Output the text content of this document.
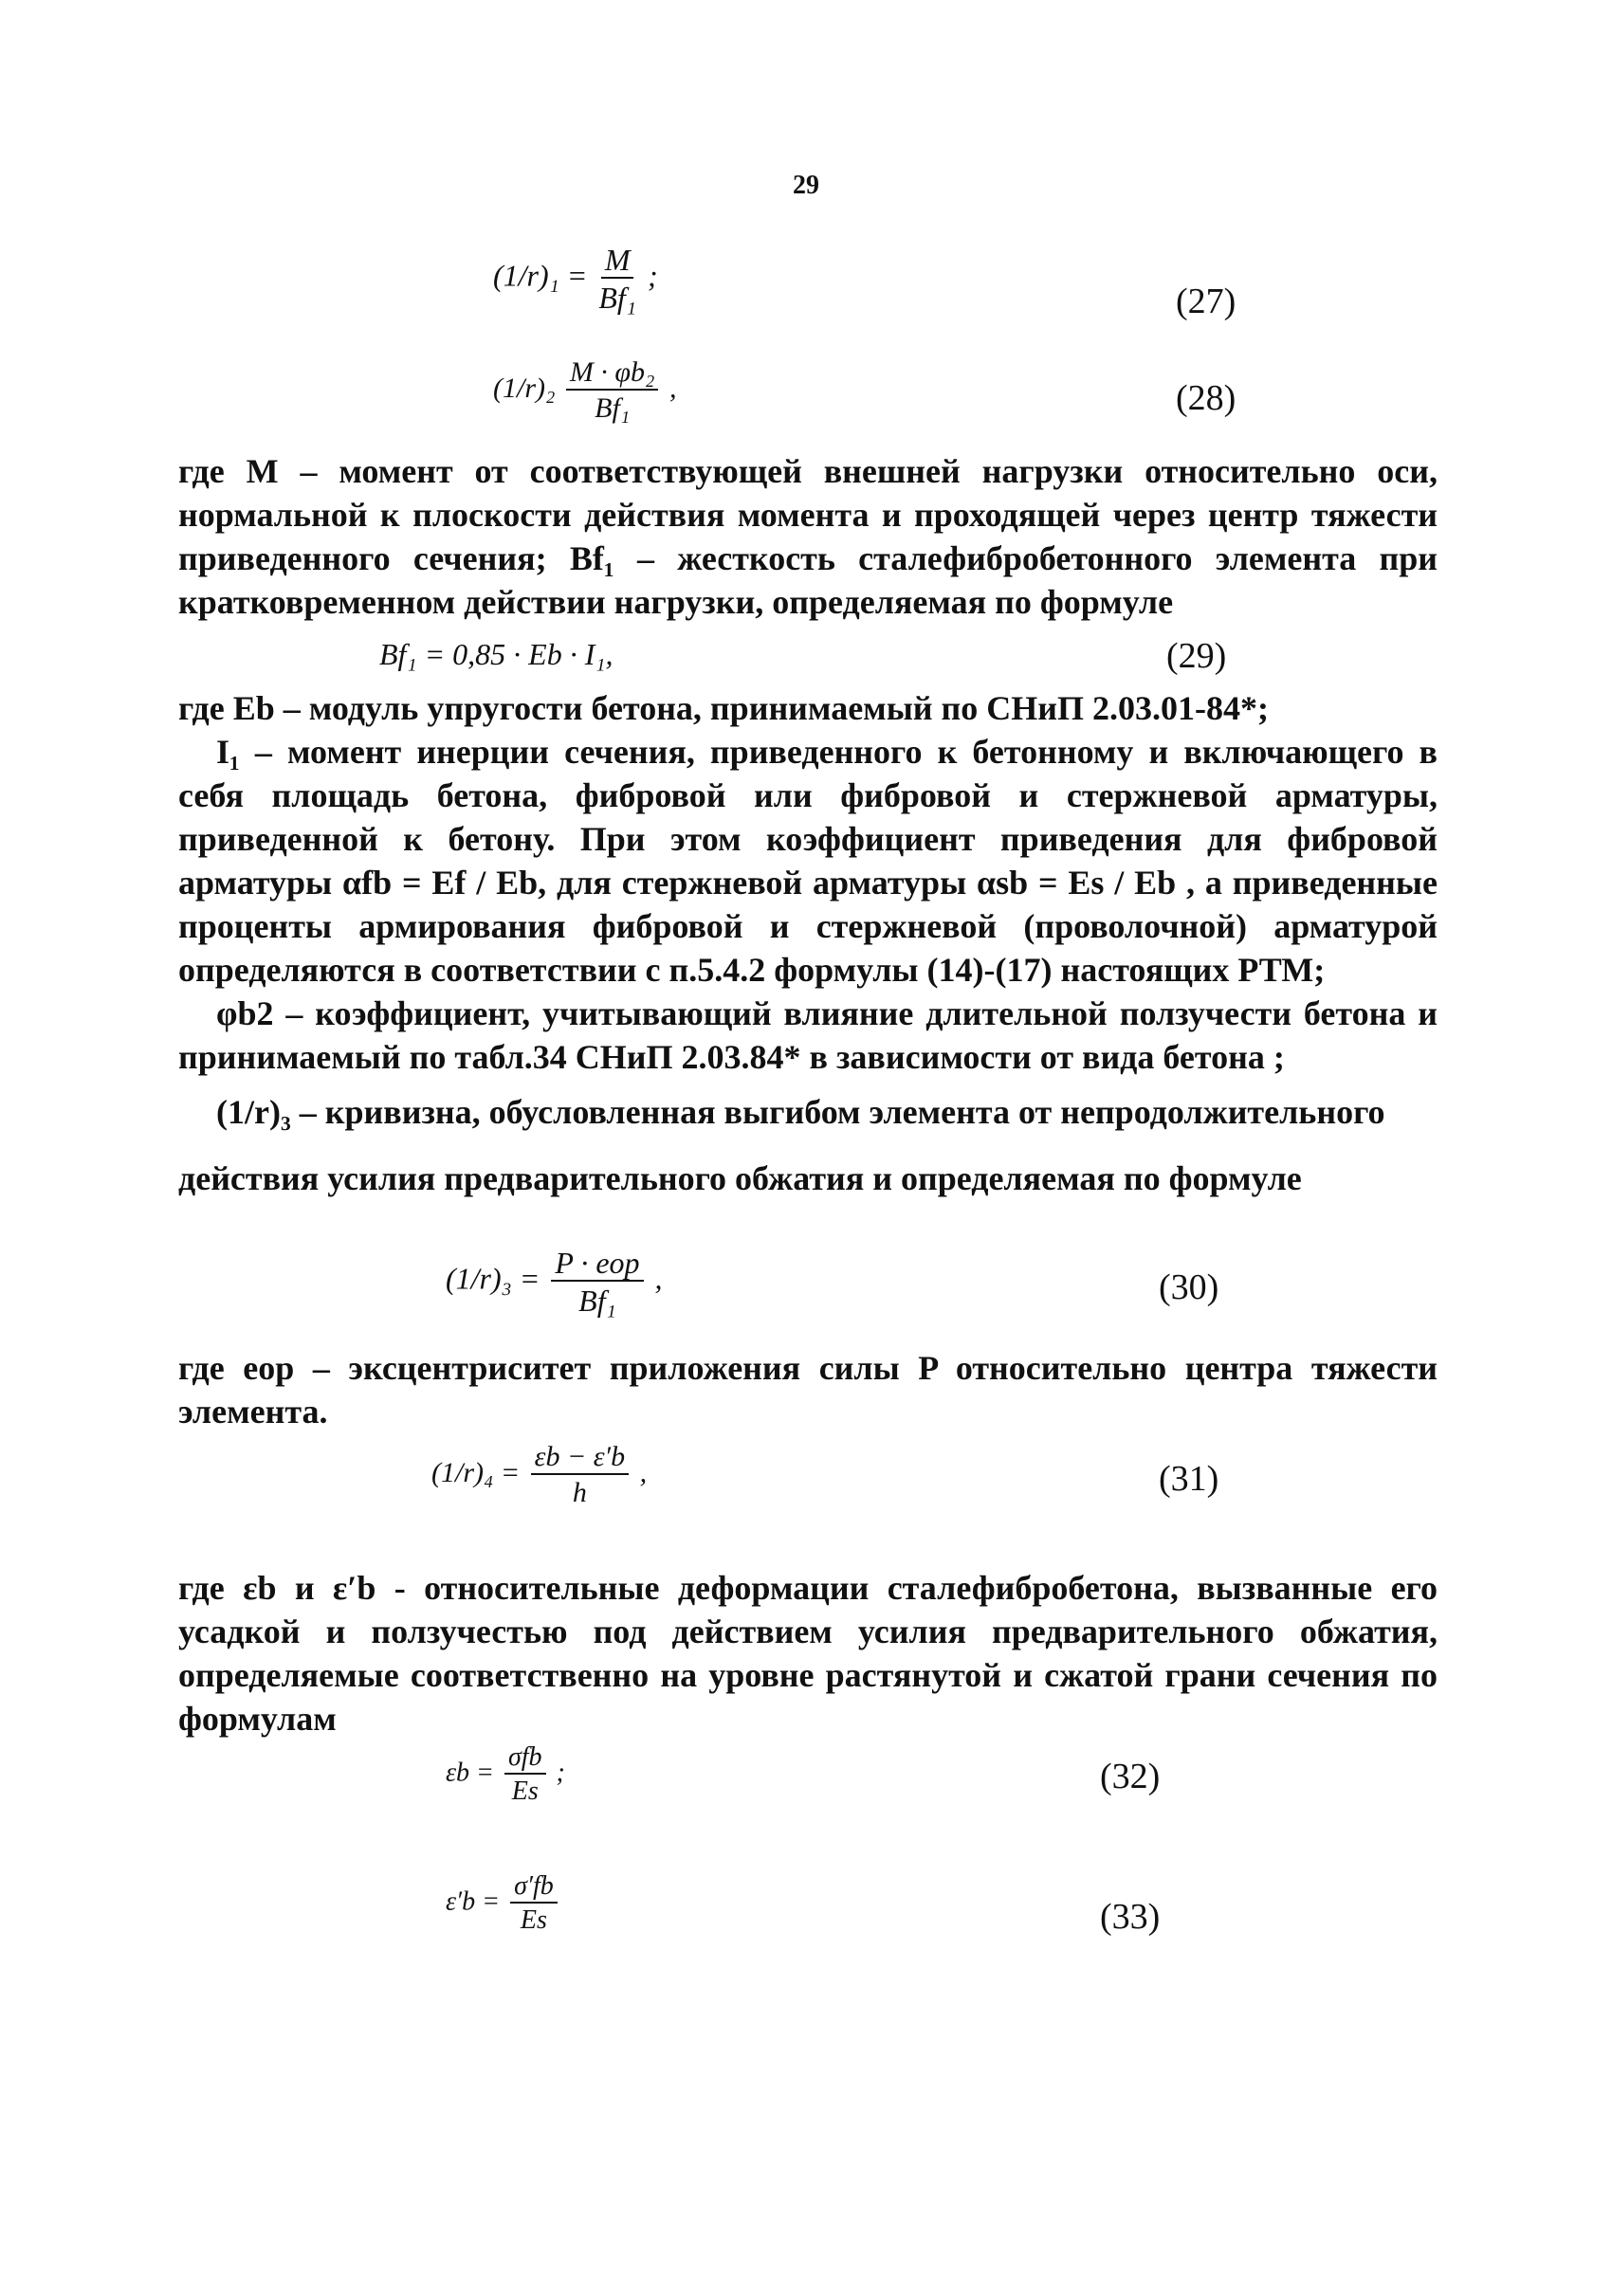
29
$(1/r)_1 = \frac{M}{\text{Bf₁}}$ ;
(27)
$(1/r)_2 \frac{\text{M · φb₂}}{\text{Bf₁}}$ ,	(28)

где M – момент от соответствующей внешней нагрузки относительно оси, нормальной к плоскости действия момента и проходящей через центр тяжести приведенного сечения; Bf₁ – жесткость сталефибробетонного элемента при кратковременном действии нагрузки, определяемая по формуле

Bf₁ = 0,85 · Eb · I₁,	(29)

где Eb – модуль упругости бетона, принимаемый по СНиП 2.03.01-84*;

I₁ – момент инерции сечения, приведенного к бетонному и включающего в себя площадь бетона, фибровой или фибровой и стержневой арматуры, приведенной к бетону. При этом коэффициент приведения для фибровой арматуры αfb = Ef / Eb, для стержневой арматуры αsb = Es / Eb , а приведенные проценты армирования фибровой и стержневой (проволочной) арматурой определяются в соответствии с п.5.4.2 формулы (14)-(17) настоящих РТМ;

φb2 – коэффициент, учитывающий влияние длительной ползучести бетона и принимаемый по табл.34 СНиП 2.03.84* в зависимости от вида бетона ;

(1/r)₃ – кривизна, обусловленная выгибом элемента от непродолжительного

действия усилия предварительного обжатия и определяемая по формуле

$(1/r)_3 = \frac{\text{P · eop}}{\text{Bf₁}}$ ,	(30)

где eop – эксцентриситет приложения силы P относительно центра тяжести элемента.

$(1/r)_4 = \frac{\varepsilon b - \varepsilon'b}{h}$ ,	(31)

где εb и ε′b - относительные деформации сталефибробетона, вызванные его усадкой и ползучестью под действием усилия предварительного обжатия, определяемые соответственно на уровне растянутой и сжатой грани сечения по формулам

$\varepsilon b = \frac{\text{σfb}}{Es}$ ;	(32)
$\varepsilon'b = \frac{\sigma'fb}{Es}$	(33)
